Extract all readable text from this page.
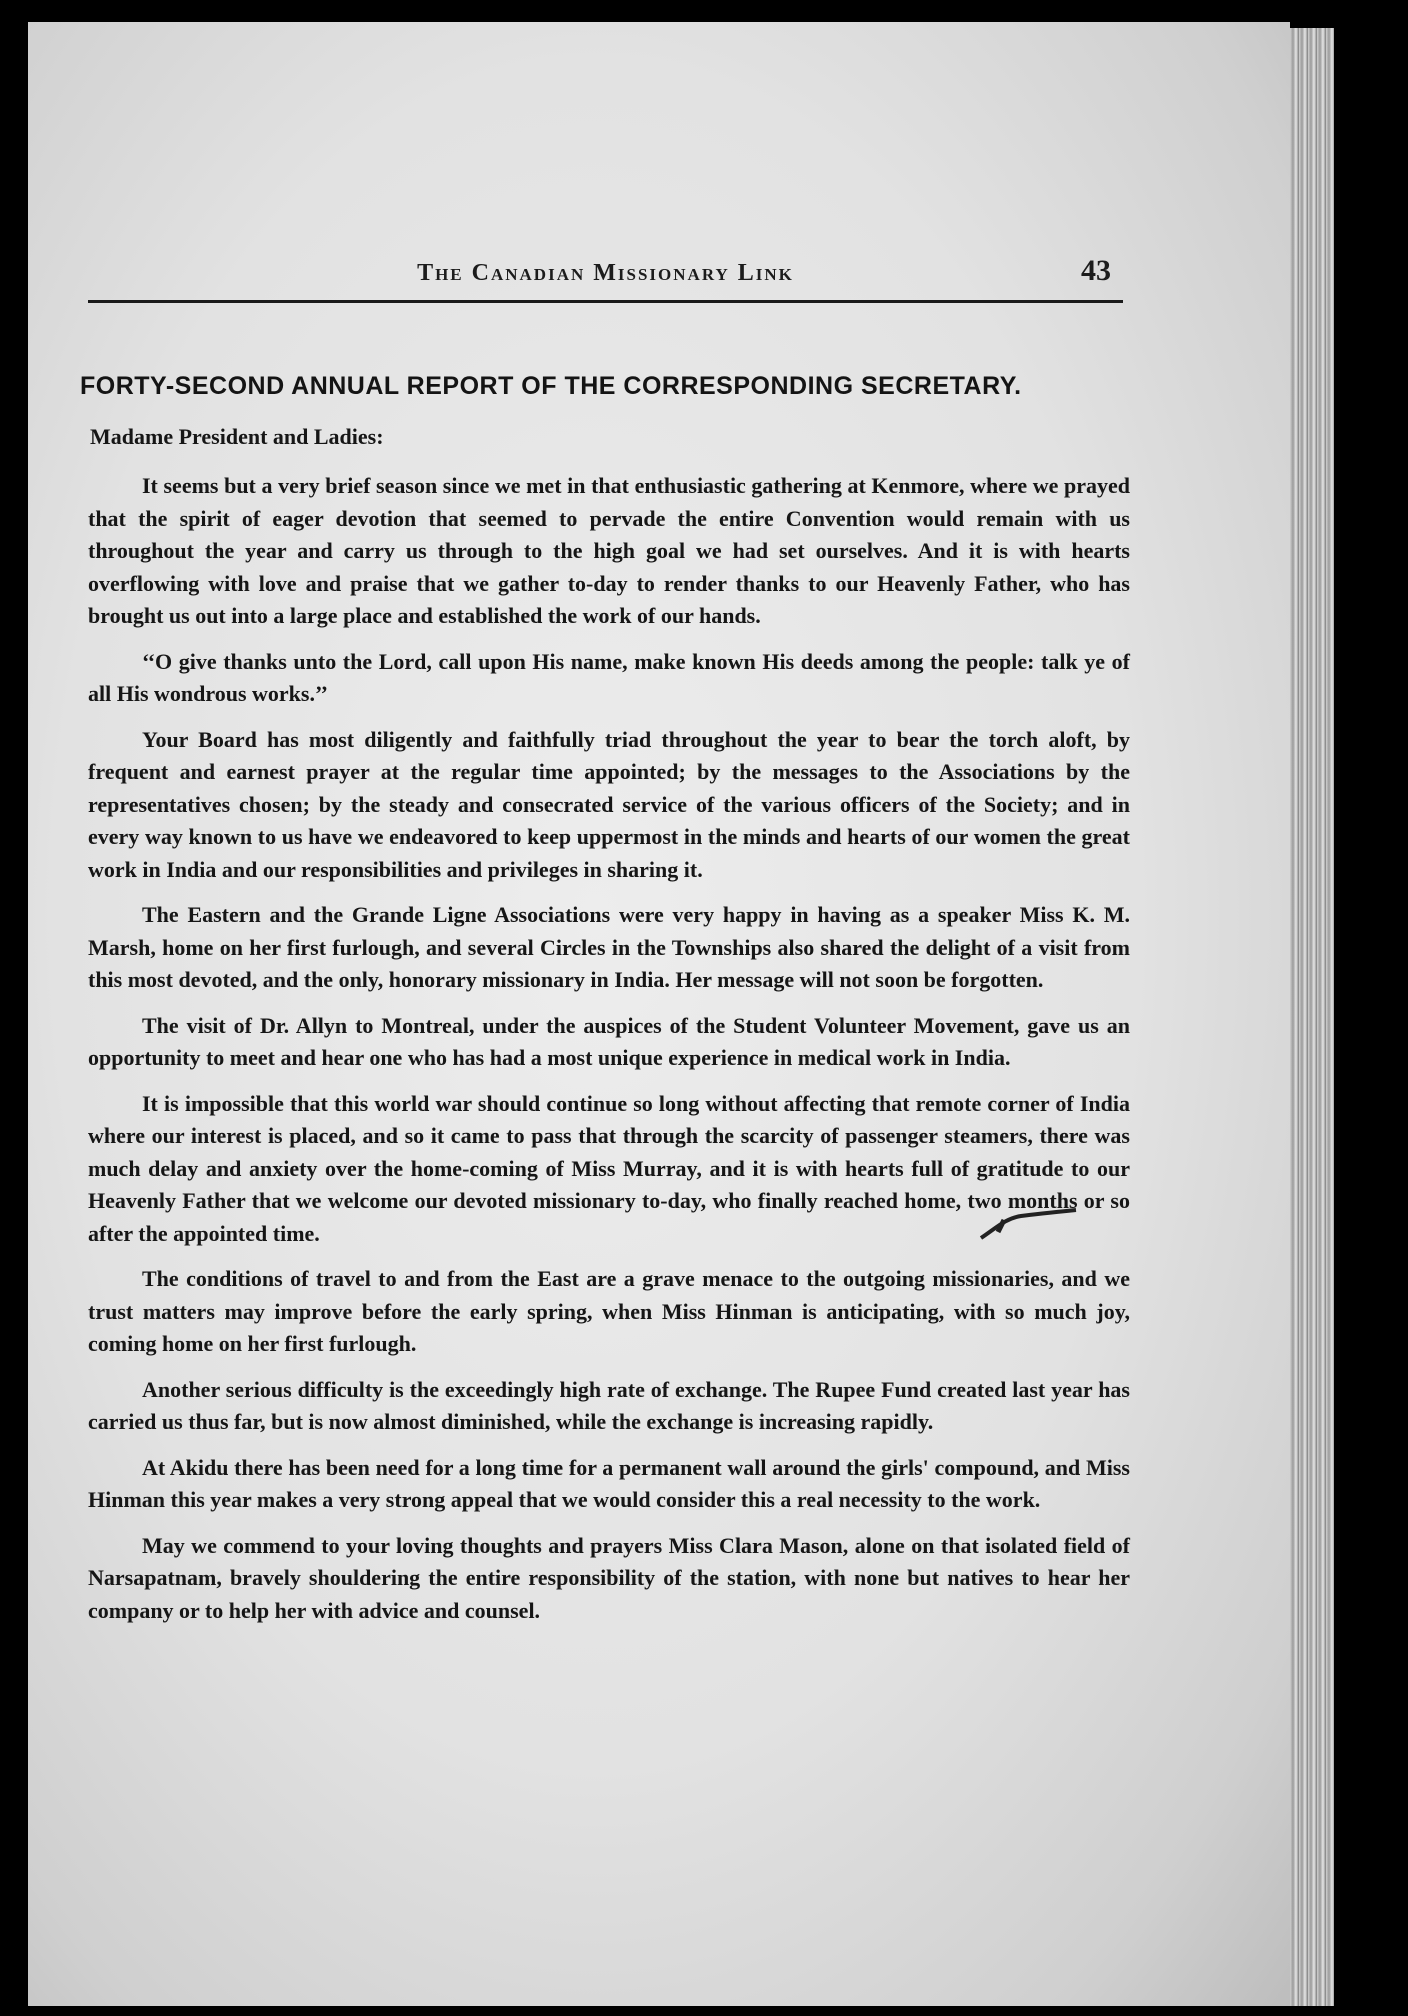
The Canadian Missionary Link	43
FORTY-SECOND ANNUAL REPORT OF THE CORRESPONDING SECRETARY.
Madame President and Ladies:

It seems but a very brief season since we met in that enthusiastic gathering at Kenmore, where we prayed that the spirit of eager devotion that seemed to pervade the entire Convention would remain with us throughout the year and carry us through to the high goal we had set ourselves. And it is with hearts overflowing with love and praise that we gather to-day to render thanks to our Heavenly Father, who has brought us out into a large place and established the work of our hands.

‘‘O give thanks unto the Lord, call upon His name, make known His deeds among the people: talk ye of all His wondrous works.’’

Your Board has most diligently and faithfully triad throughout the year to bear the torch aloft, by frequent and earnest prayer at the regular time appointed; by the messages to the Associations by the representatives chosen; by the steady and consecrated service of the various officers of the Society; and in every way known to us have we endeavored to keep uppermost in the minds and hearts of our women the great work in India and our responsibilities and privileges in sharing it.

The Eastern and the Grande Ligne Associations were very happy in having as a speaker Miss K. M. Marsh, home on her first furlough, and several Circles in the Townships also shared the delight of a visit from this most devoted, and the only, honorary missionary in India. Her message will not soon be forgotten.

The visit of Dr. Allyn to Montreal, under the auspices of the Student Volunteer Movement, gave us an opportunity to meet and hear one who has had a most unique experience in medical work in India.

It is impossible that this world war should continue so long without affecting that remote corner of India where our interest is placed, and so it came to pass that through the scarcity of passenger steamers, there was much delay and anxiety over the home-coming of Miss Murray, and it is with hearts full of gratitude to our Heavenly Father that we welcome our devoted missionary to-day, who finally reached home, two months or so after the appointed time.

The conditions of travel to and from the East are a grave menace to the outgoing missionaries, and we trust matters may improve before the early spring, when Miss Hinman is anticipating, with so much joy, coming home on her first furlough.

Another serious difficulty is the exceedingly high rate of exchange. The Rupee Fund created last year has carried us thus far, but is now almost diminished, while the exchange is increasing rapidly.

At Akidu there has been need for a long time for a permanent wall around the girls' compound, and Miss Hinman this year makes a very strong appeal that we would consider this a real necessity to the work.

May we commend to your loving thoughts and prayers Miss Clara Mason, alone on that isolated field of Narsapatnam, bravely shouldering the entire responsibility of the station, with none but natives to hear her company or to help her with advice and counsel.
